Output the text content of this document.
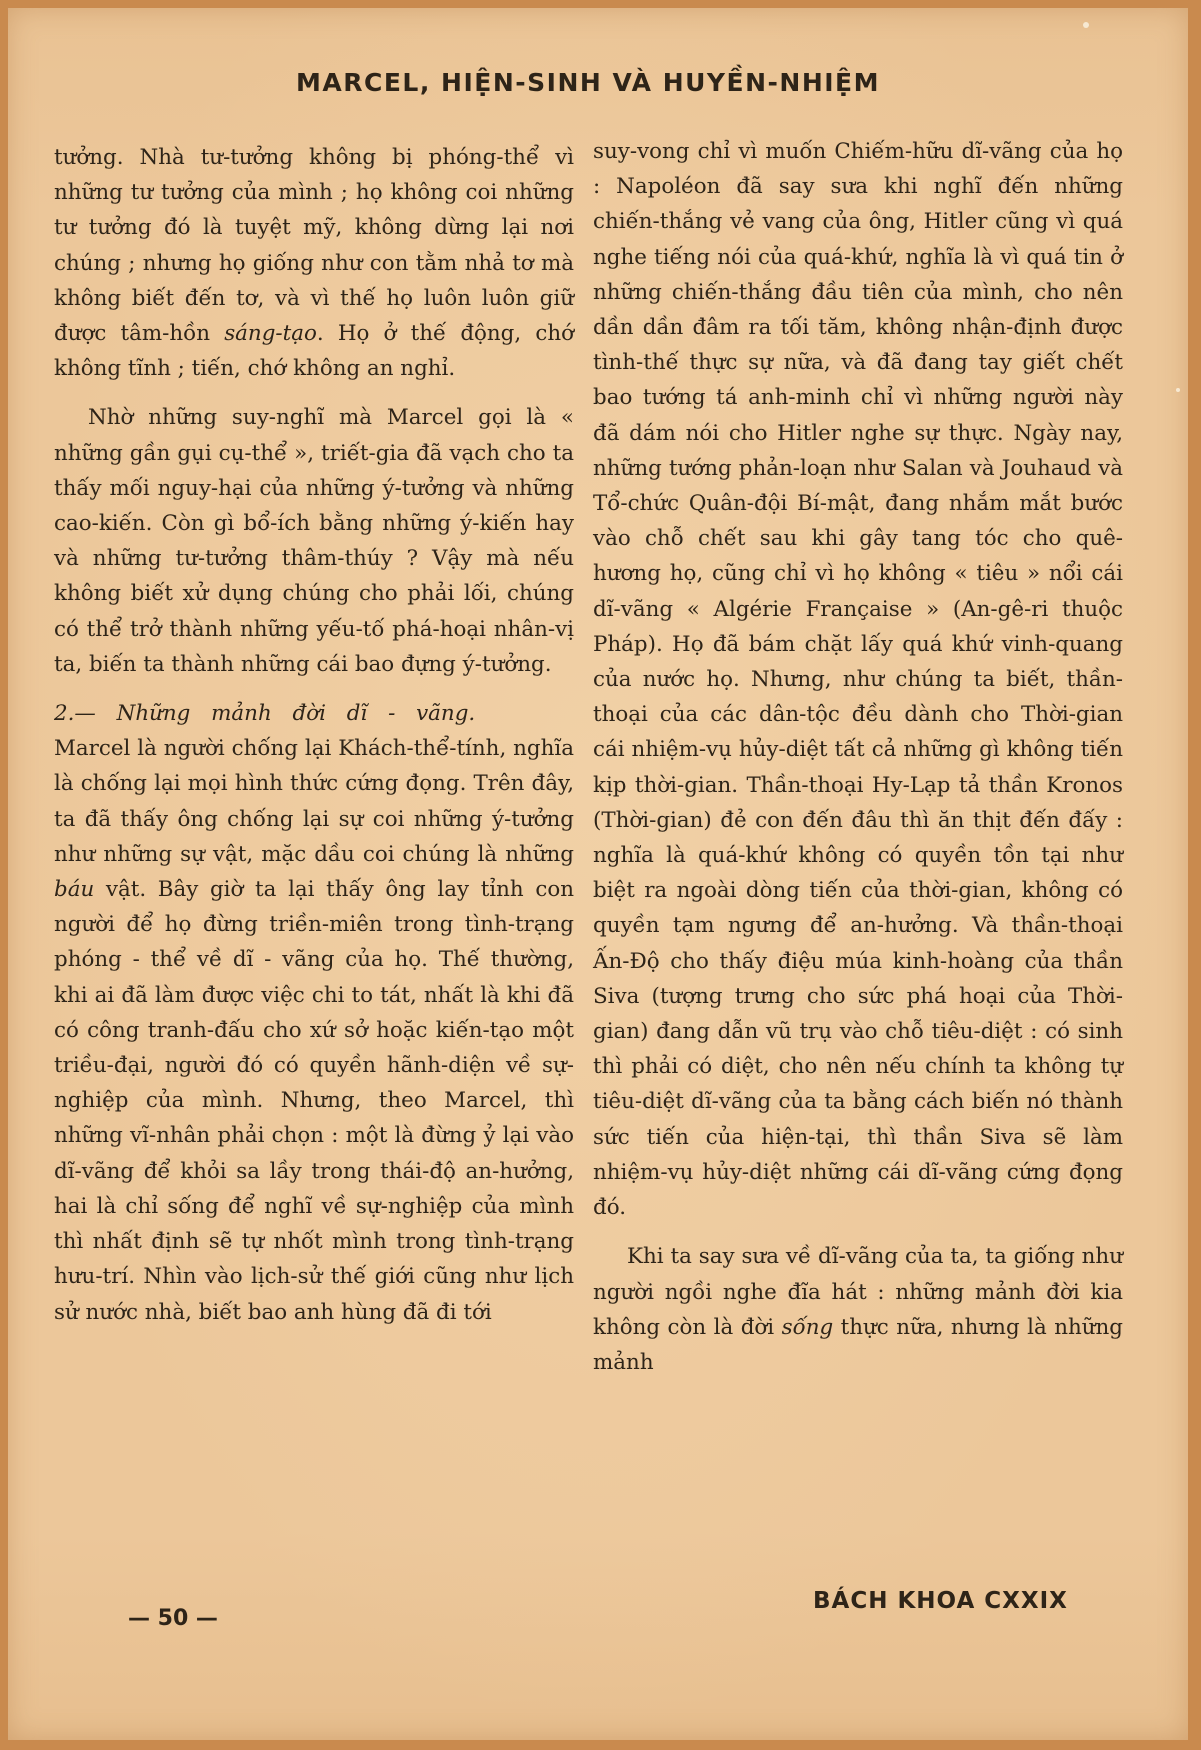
MARCEL, HIỆN-SINH VÀ HUYỀN-NHIỆM

tưởng. Nhà tư-tưởng không bị phóng-thể vì những tư tưởng của mình ; họ không coi những tư tưởng đó là tuyệt mỹ, không dừng lại nơi chúng ; nhưng họ giống như con tằm nhả tơ mà không biết đến tơ, và vì thế họ luôn luôn giữ được tâm-hồn sáng-tạo. Họ ở thế động, chớ không tĩnh ; tiến, chớ không an nghỉ.

Nhờ những suy-nghĩ mà Marcel gọi là « những gần gụi cụ-thể », triết-gia đã vạch cho ta thấy mối nguy-hại của những ý-tưởng và những cao-kiến. Còn gì bổ-ích bằng những ý-kiến hay và những tư-tưởng thâm-thúy ? Vậy mà nếu không biết xử dụng chúng cho phải lối, chúng có thể trở thành những yếu-tố phá-hoại nhân-vị ta, biến ta thành những cái bao đựng ý-tưởng.

2.— Những mảnh đời dĩ - vãng.

Marcel là người chống lại Khách-thể-tính, nghĩa là chống lại mọi hình thức cứng đọng. Trên đây, ta đã thấy ông chống lại sự coi những ý-tưởng như những sự vật, mặc dầu coi chúng là những báu vật. Bây giờ ta lại thấy ông lay tỉnh con người để họ đừng triền-miên trong tình-trạng phóng - thể về dĩ - vãng của họ. Thế thường, khi ai đã làm được việc chi to tát, nhất là khi đã có công tranh-đấu cho xứ sở hoặc kiến-tạo một triều-đại, người đó có quyền hãnh-diện về sự-nghiệp của mình. Nhưng, theo Marcel, thì những vĩ-nhân phải chọn : một là đừng ỷ lại vào dĩ-vãng để khỏi sa lầy trong thái-độ an-hưởng, hai là chỉ sống để nghĩ về sự-nghiệp của mình thì nhất định sẽ tự nhốt mình trong tình-trạng hưu-trí. Nhìn vào lịch-sử thế giới cũng như lịch sử nước nhà, biết bao anh hùng đã đi tới

suy-vong chỉ vì muốn Chiếm-hữu dĩ-vãng của họ : Napoléon đã say sưa khi nghĩ đến những chiến-thắng vẻ vang của ông, Hitler cũng vì quá nghe tiếng nói của quá-khứ, nghĩa là vì quá tin ở những chiến-thắng đầu tiên của mình, cho nên dần dần đâm ra tối tăm, không nhận-định được tình-thế thực sự nữa, và đã đang tay giết chết bao tướng tá anh-minh chỉ vì những người này đã dám nói cho Hitler nghe sự thực. Ngày nay, những tướng phản-loạn như Salan và Jouhaud và Tổ-chức Quân-đội Bí-mật, đang nhắm mắt bước vào chỗ chết sau khi gây tang tóc cho quê-hương họ, cũng chỉ vì họ không « tiêu » nổi cái dĩ-vãng « Algérie Française » (An-gê-ri thuộc Pháp). Họ đã bám chặt lấy quá khứ vinh-quang của nước họ. Nhưng, như chúng ta biết, thần-thoại của các dân-tộc đều dành cho Thời-gian cái nhiệm-vụ hủy-diệt tất cả những gì không tiến kịp thời-gian. Thần-thoại Hy-Lạp tả thần Kronos (Thời-gian) đẻ con đến đâu thì ăn thịt đến đấy : nghĩa là quá-khứ không có quyền tồn tại như biệt ra ngoài dòng tiến của thời-gian, không có quyền tạm ngưng để an-hưởng. Và thần-thoại Ấn-Độ cho thấy điệu múa kinh-hoàng của thần Siva (tượng trưng cho sức phá hoại của Thời-gian) đang dẫn vũ trụ vào chỗ tiêu-diệt : có sinh thì phải có diệt, cho nên nếu chính ta không tự tiêu-diệt dĩ-vãng của ta bằng cách biến nó thành sức tiến của hiện-tại, thì thần Siva sẽ làm nhiệm-vụ hủy-diệt những cái dĩ-vãng cứng đọng đó.

Khi ta say sưa về dĩ-vãng của ta, ta giống như người ngồi nghe đĩa hát : những mảnh đời kia không còn là đời sống thực nữa, nhưng là những mảnh

— 50 —
BÁCH KHOA CXXIX
